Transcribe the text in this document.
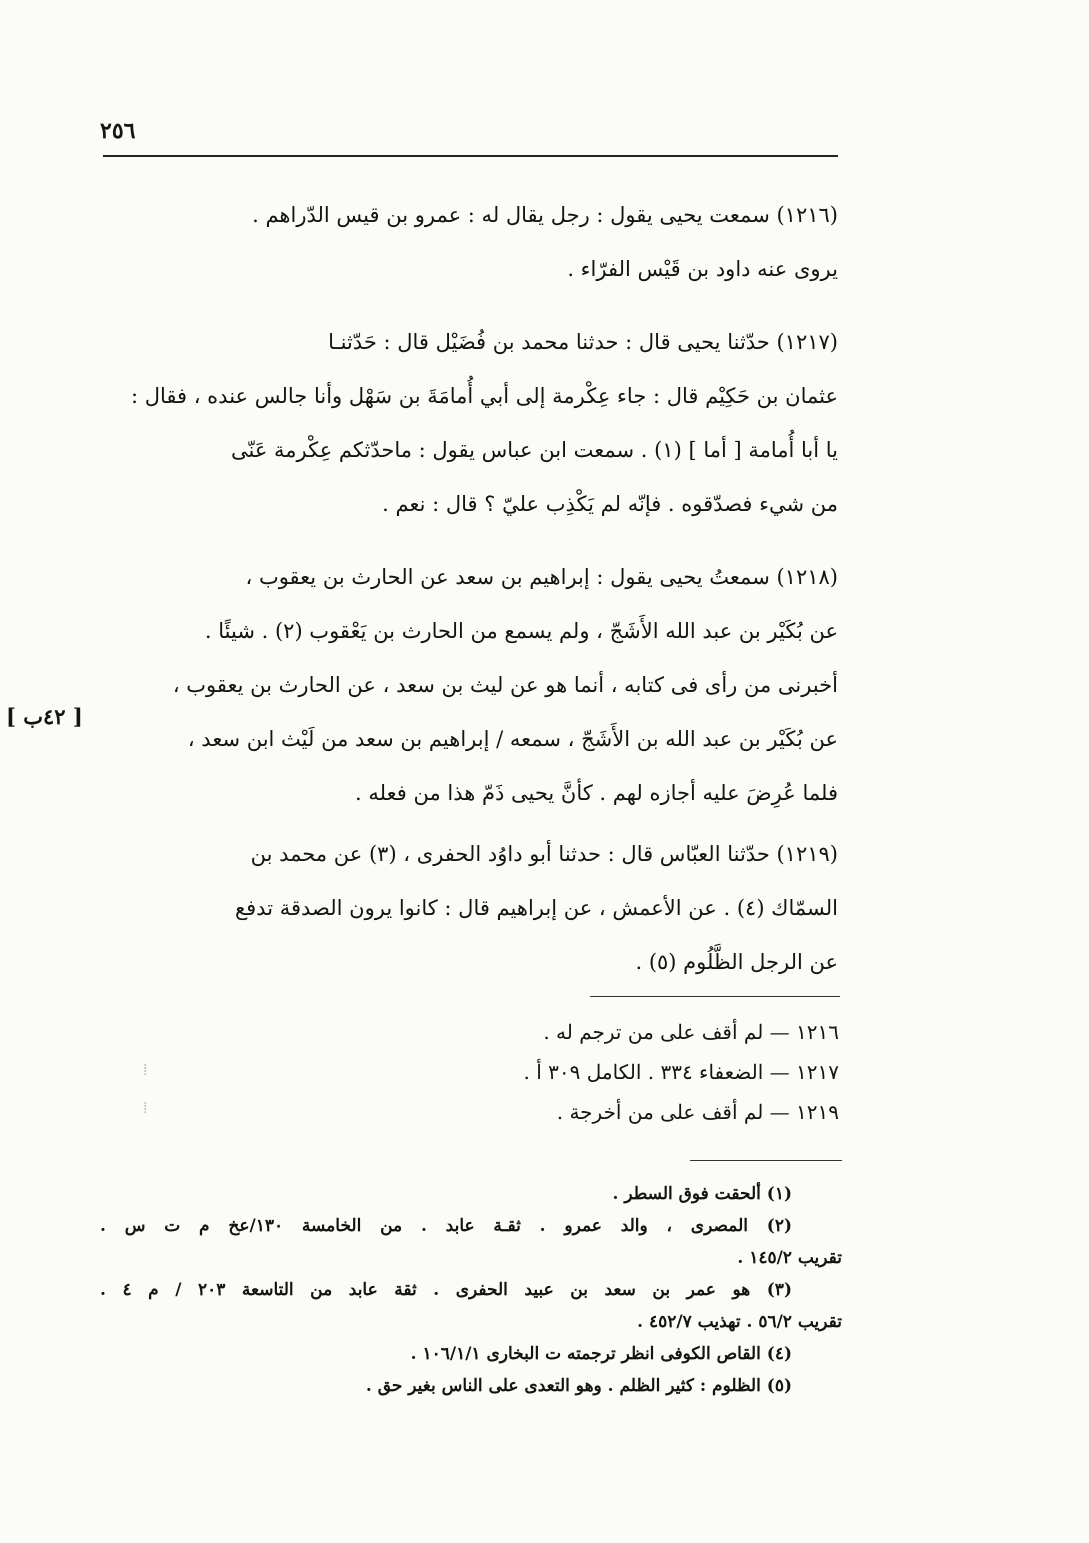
٢٥٦
(١٢١٦) سمعت يحيى يقول : رجل يقال له : عمرو بن قيس الدّراهم .
يروى عنه داود بن قَيْس الفرّاء .
(١٢١٧) حدّثنا يحيى قال : حدثنا محمد بن فُضَيْل قال : حَدّثنـا
عثمان بن حَكِيْم قال : جاء عِكْرمة إلى أبي أُمامَةَ بن سَهْل وأنا جالس عنده ، فقال :
يا أبا أُمامة [ أما ] (١) . سمعت ابن عباس يقول : ماحدّثكم عِكْرمة عَنّى
من شيء فصدّقوه . فإنّه لم يَكْذِب عليّ ؟ قال : نعم .
(١٢١٨) سمعتُ يحيى يقول : إبراهيم بن سعد عن الحارث بن يعقوب ،
عن بُكَيْر بن عبد الله الأَشَجّ ، ولم يسمع من الحارث بن يَعْقوب (٢) . شيئًا .
أخبرنى من رأى فى كتابه ، أنما هو عن ليث بن سعد ، عن الحارث بن يعقوب ،
عن بُكَيْر بن عبد الله بن الأَشَجّ ، سمعه / إبراهيم بن سعد من لَيْث ابن سعد ،
فلما عُرِضَ عليه أجازه لهم . كأنَّ يحيى ذَمّ هذا من فعله .
[ ٤٢ب ]
(١٢١٩) حدّثنا العبّاس قال : حدثنا أبو داوُد الحفرى ، (٣) عن محمد بن
السمّاك (٤) . عن الأعمش ، عن إبراهيم قال : كانوا يرون الصدقة تدفع
عن الرجل الظَّلُوم (٥) .
١٢١٦ — لم أقف على من ترجم له .
١٢١٧ — الضعفاء ٣٣٤ . الكامل ٣٠٩ أ .
١٢١٩ — لم أقف على من أخرجة .
⁞
⁞
(١) ألحقت فوق السطر .
(٢) المصرى ، والد عمرو . ثقـة عابد . من الخامسة ١٣٠/عخ م ت س .
تقريب ١٤٥/٢ .
(٣) هو عمر بن سعد بن عبيد الحفرى . ثقة عابد من التاسعة ٢٠٣ / م ٤ .
تقريب ٥٦/٢ . تهذيب ٤٥٢/٧ .
(٤) القاص الكوفى انظر ترجمته ت البخارى ١٠٦/١/١ .
(٥) الظلوم : كثير الظلم . وهو التعدى على الناس بغير حق .
